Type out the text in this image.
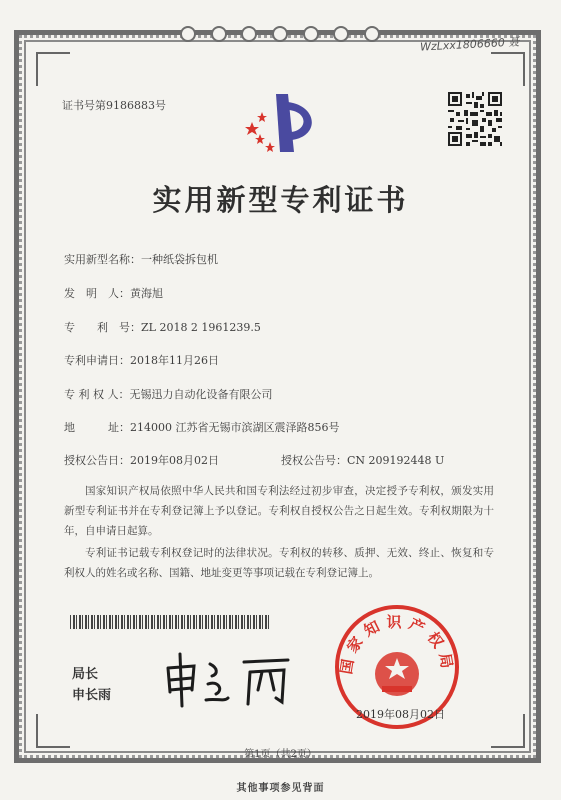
WzLxx1806660 聂
证书号第9186883号
实用新型专利证书
实用新型名称：一种纸袋拆包机
发　明　人：黄海旭
专　　利　号：ZL 2018 2 1961239.5
专利申请日：2018年11月26日
专 利 权 人：无锡迅力自动化设备有限公司
地　　　址：214000 江苏省无锡市滨湖区震泽路856号
授权公告日：2019年08月02日	授权公告号：CN 209192448 U
国家知识产权局依照中华人民共和国专利法经过初步审查，决定授予专利权，颁发实用新型专利证书并在专利登记簿上予以登记。专利权自授权公告之日起生效。专利权期限为十年，自申请日起算。
专利证书记载专利权登记时的法律状况。专利权的转移、质押、无效、终止、恢复和专利权人的姓名或名称、国籍、地址变更等事项记载在专利登记簿上。
局长
申长雨
国家知识产权局
2019年08月02日
第1页（共2页）
其他事项参见背面
